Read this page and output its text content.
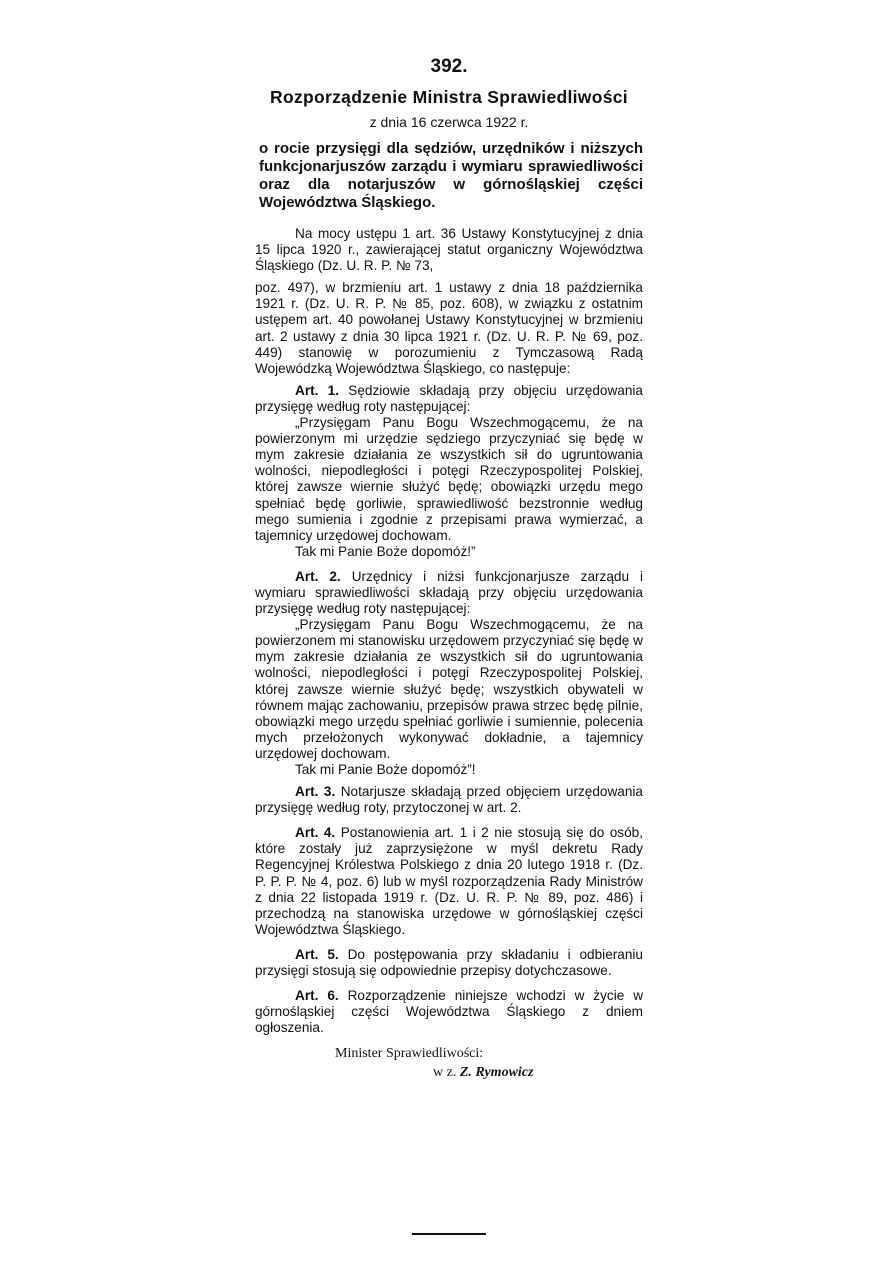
392.
Rozporządzenie Ministra Sprawiedliwości
z dnia 16 czerwca 1922 r.
o rocie przysięgi dla sędziów, urzędników i niższych funkcjonarjuszów zarządu i wymiaru sprawiedliwości oraz dla notarjuszów w górnośląskiej części Województwa Śląskiego.

Na mocy ustępu 1 art. 36 Ustawy Konstytucyjnej z dnia 15 lipca 1920 r., zawierającej statut organiczny Województwa Śląskiego (Dz. U. R. P. № 73,

poz. 497), w brzmieniu art. 1 ustawy z dnia 18 października 1921 r. (Dz. U. R. P. № 85, poz. 608), w związku z ostatnim ustępem art. 40 powołanej Ustawy Konstytucyjnej w brzmieniu art. 2 ustawy z dnia 30 lipca 1921 r. (Dz. U. R. P. № 69, poz. 449) stanowię w porozumieniu z Tymczasową Radą Wojewódzką Województwa Śląskiego, co następuje:

Art. 1. Sędziowie składają przy objęciu urzędowania przysięgę według roty następującej:

„Przysięgam Panu Bogu Wszechmogącemu, że na powierzonym mi urzędzie sędziego przyczyniać się będę w mym zakresie działania ze wszystkich sił do ugruntowania wolności, niepodległości i potęgi Rzeczypospolitej Polskiej, której zawsze wiernie służyć będę; obowiązki urzędu mego spełniać będę gorliwie, sprawiedliwość bezstronnie według mego sumienia i zgodnie z przepisami prawa wymierzać, a tajemnicy urzędowej dochowam.

Tak mi Panie Boże dopomóż!”

Art. 2. Urzędnicy i niżsi funkcjonarjusze zarządu i wymiaru sprawiedliwości składają przy objęciu urzędowania przysięgę według roty następującej:

„Przysięgam Panu Bogu Wszechmogącemu, że na powierzonem mi stanowisku urzędowem przyczyniać się będę w mym zakresie działania ze wszystkich sił do ugruntowania wolności, niepodległości i potęgi Rzeczypospolitej Polskiej, której zawsze wiernie służyć będę; wszystkich obywateli w równem mając zachowaniu, przepisów prawa strzec będę pilnie, obowiązki mego urzędu spełniać gorliwie i sumiennie, polecenia mych przełożonych wykonywać dokładnie, a tajemnicy urzędowej dochowam.

Tak mi Panie Boże dopomóż”!

Art. 3. Notarjusze składają przed objęciem urzędowania przysięgę według roty, przytoczonej w art. 2.

Art. 4. Postanowienia art. 1 i 2 nie stosują się do osób, które zostały już zaprzysiężone w myśl dekretu Rady Regencyjnej Królestwa Polskiego z dnia 20 lutego 1918 r. (Dz. P. P. P. № 4, poz. 6) lub w myśl rozporządzenia Rady Ministrów z dnia 22 listopada 1919 r. (Dz. U. R. P. № 89, poz. 486) i przechodzą na stanowiska urzędowe w górnośląskiej części Województwa Śląskiego.

Art. 5. Do postępowania przy składaniu i odbieraniu przysięgi stosują się odpowiednie przepisy dotychczasowe.

Art. 6. Rozporządzenie niniejsze wchodzi w życie w górnośląskiej części Województwa Śląskiego z dniem ogłoszenia.

Minister Sprawiedliwości:
w z. Z. Rymowicz
